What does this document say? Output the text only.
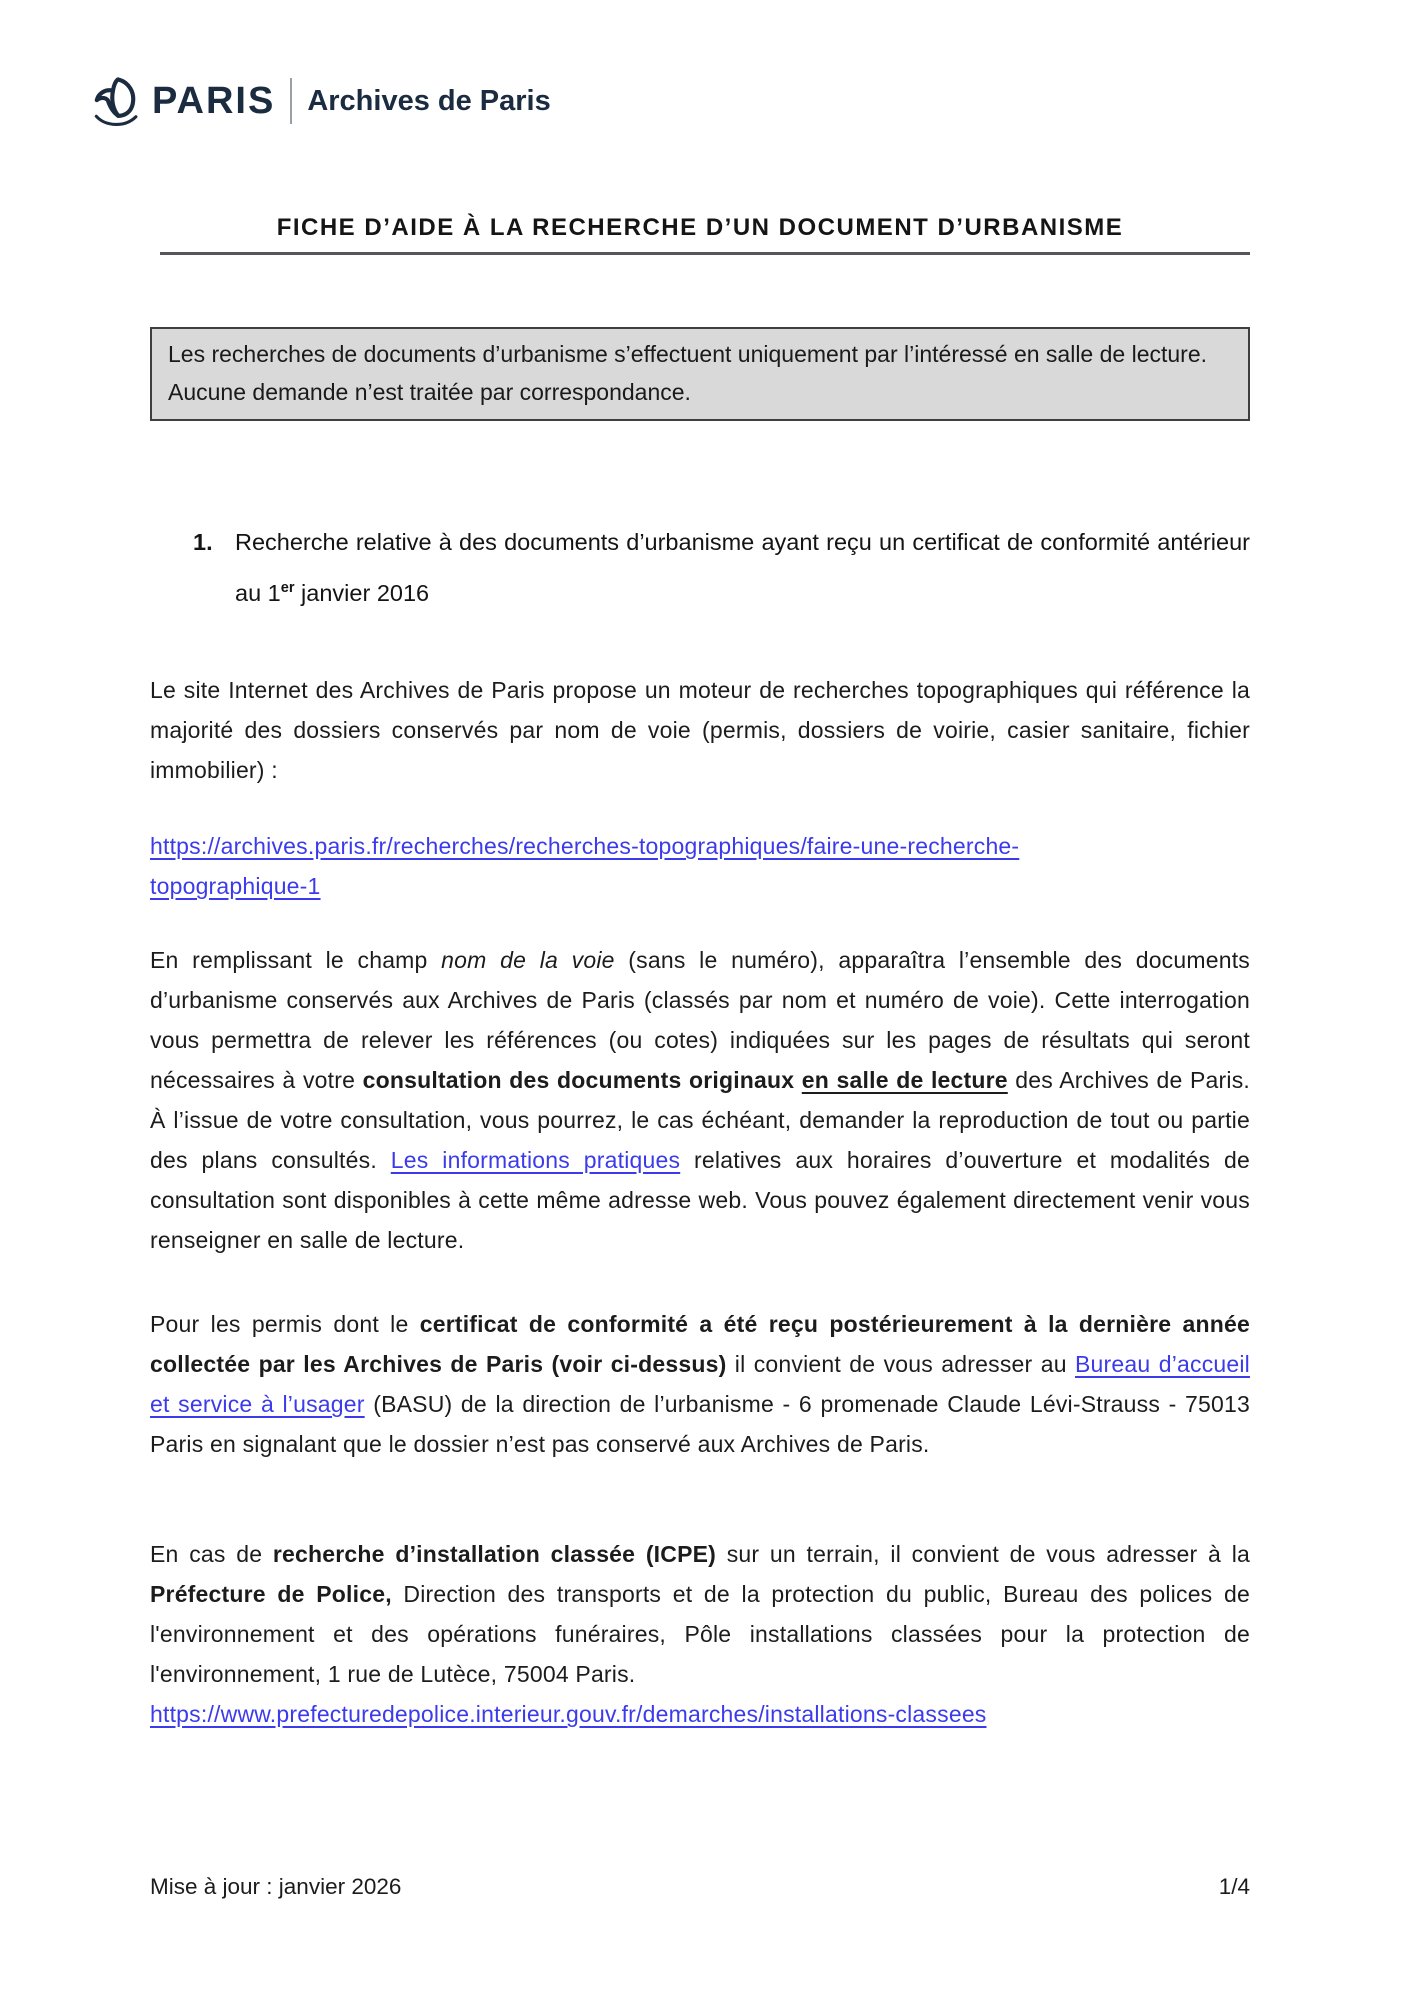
PARIS Archives de Paris
FICHE D’AIDE À LA RECHERCHE D’UN DOCUMENT D’URBANISME
Les recherches de documents d’urbanisme s’effectuent uniquement par l’intéressé en salle de lecture. Aucune demande n’est traitée par correspondance.
1. Recherche relative à des documents d’urbanisme ayant reçu un certificat de conformité antérieur au 1er janvier 2016

Le site Internet des Archives de Paris propose un moteur de recherches topographiques qui référence la majorité des dossiers conservés par nom de voie (permis, dossiers de voirie, casier sanitaire, fichier immobilier) :

https://archives.paris.fr/recherches/recherches-topographiques/faire-une-recherche-
topographique-1

En remplissant le champ nom de la voie (sans le numéro), apparaîtra l’ensemble des documents d’urbanisme conservés aux Archives de Paris (classés par nom et numéro de voie). Cette interrogation vous permettra de relever les références (ou cotes) indiquées sur les pages de résultats qui seront nécessaires à votre consultation des documents originaux en salle de lecture des Archives de Paris. À l’issue de votre consultation, vous pourrez, le cas échéant, demander la reproduction de tout ou partie des plans consultés. Les informations pratiques relatives aux horaires d’ouverture et modalités de consultation sont disponibles à cette même adresse web. Vous pouvez également directement venir vous renseigner en salle de lecture.

Pour les permis dont le certificat de conformité a été reçu postérieurement à la dernière année collectée par les Archives de Paris (voir ci-dessus) il convient de vous adresser au Bureau d’accueil et service à l’usager (BASU) de la direction de l’urbanisme - 6 promenade Claude Lévi-Strauss - 75013 Paris en signalant que le dossier n’est pas conservé aux Archives de Paris.

En cas de recherche d’installation classée (ICPE) sur un terrain, il convient de vous adresser à la Préfecture de Police, Direction des transports et de la protection du public, Bureau des polices de l'environnement et des opérations funéraires, Pôle installations classées pour la protection de l'environnement, 1 rue de Lutèce, 75004 Paris.

https://www.prefecturedepolice.interieur.gouv.fr/demarches/installations-classees

Mise à jour : janvier 2026	1/4
